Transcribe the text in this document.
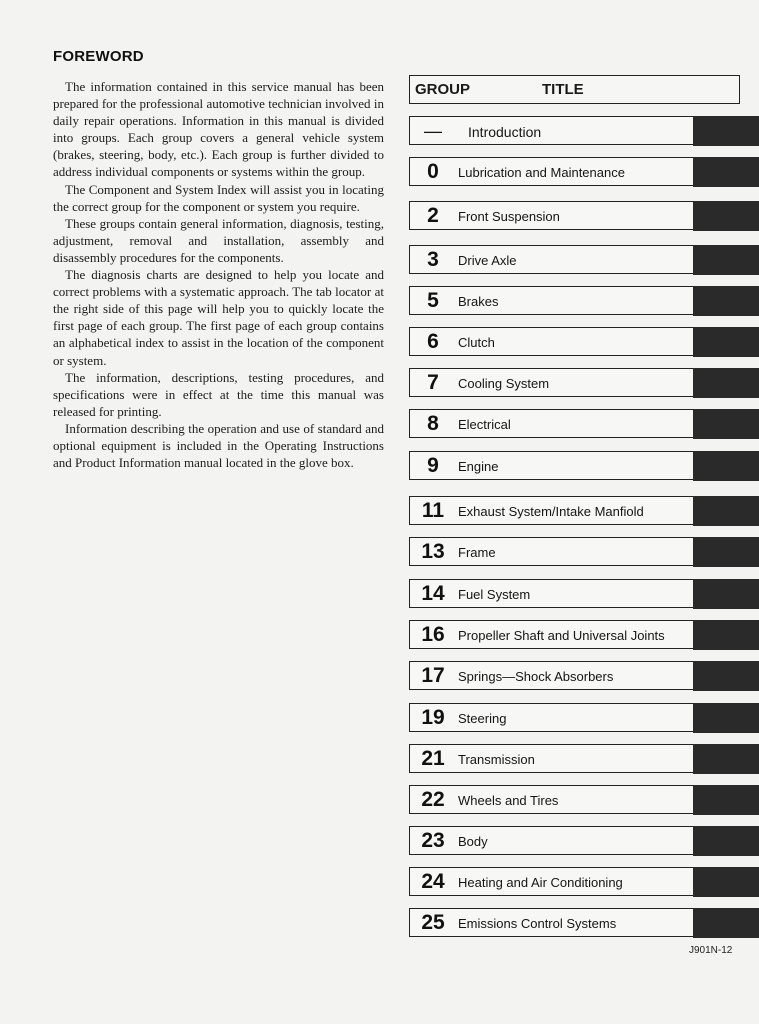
FOREWORD

The information contained in this service manual has been prepared for the professional automotive technician involved in daily repair operations. Information in this manual is divided into groups. Each group covers a general vehicle system (brakes, steering, body, etc.). Each group is further divided to address individual components or systems within the group.

The Component and System Index will assist you in locating the correct group for the component or system you require.

These groups contain general information, diagnosis, testing, adjustment, removal and installation, assembly and disassembly procedures for the components.

The diagnosis charts are designed to help you locate and correct problems with a systematic approach. The tab locator at the right side of this page will help you to quickly locate the first page of each group. The first page of each group contains an alphabetical index to assist in the location of the component or system.

The information, descriptions, testing procedures, and specifications were in effect at the time this manual was released for printing.

Information describing the operation and use of standard and optional equipment is included in the Operating Instructions and Product Information manual located in the glove box.

GROUP	TITLE
—	Introduction
0	Lubrication and Maintenance
2	Front Suspension
3	Drive Axle
5	Brakes
6	Clutch
7	Cooling System
8	Electrical
9	Engine
11	Exhaust System/Intake Manfiold
13 Frame
14 Fuel System
16 Propeller Shaft and Universal Joints
17 Springs—Shock Absorbers
19 Steering
21 Transmission
22 Wheels and Tires
23 Body
24 Heating and Air Conditioning
25 Emissions Control Systems
J901N-12
